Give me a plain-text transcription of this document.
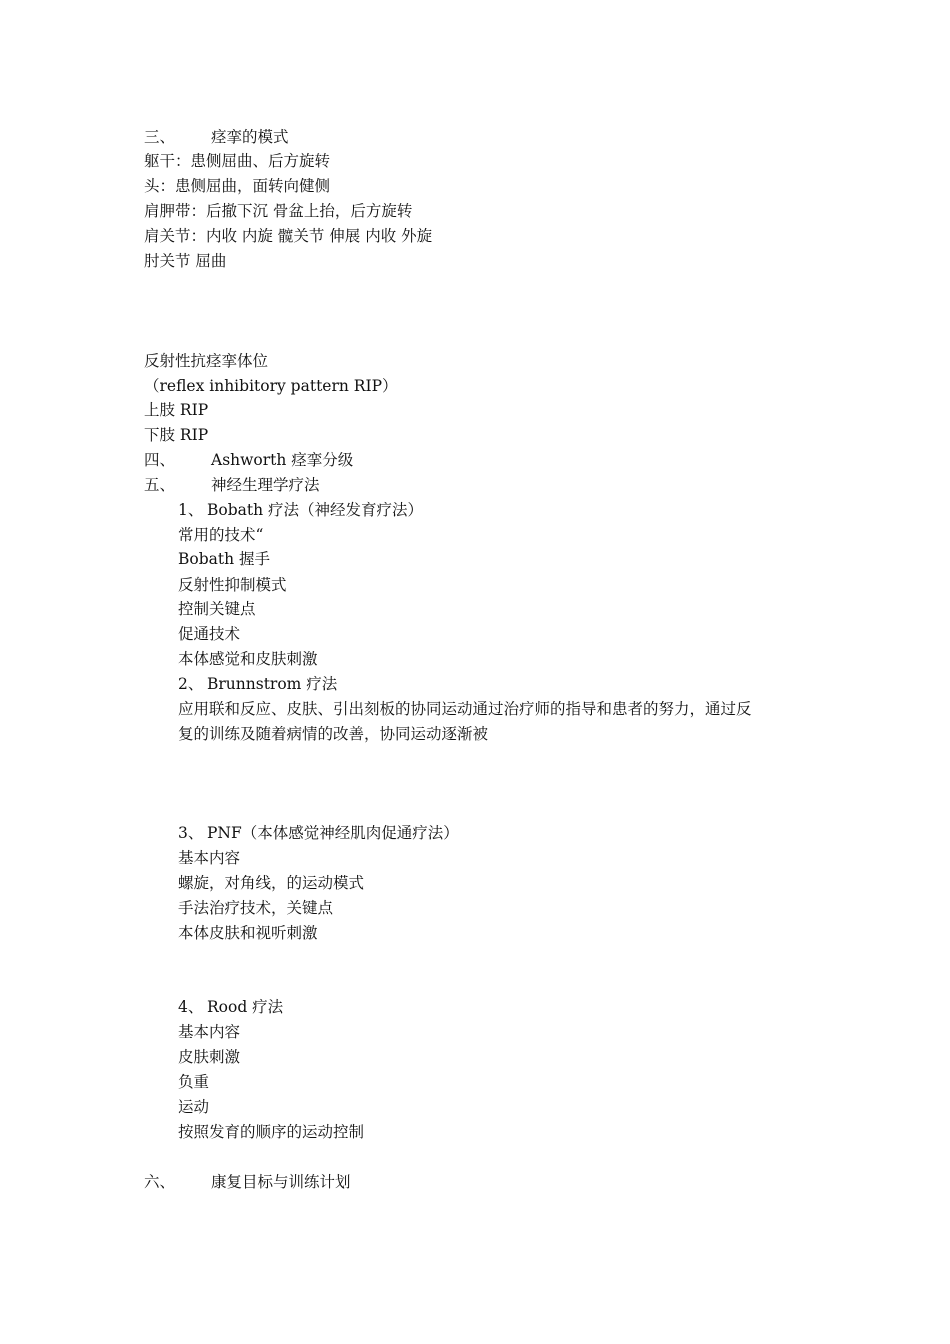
三、 痉挛的模式
躯干：患侧屈曲、后方旋转
头：患侧屈曲，面转向健侧
肩胛带：后撤下沉 骨盆上抬，后方旋转
肩关节：内收 内旋 髋关节 伸展 内收 外旋
肘关节 屈曲
反射性抗痉挛体位
（reflex inhibitory pattern RIP）
上肢 RIP
下肢 RIP
四、 Ashworth 痉挛分级
五、 神经生理学疗法
1、 Bobath 疗法（神经发育疗法）
常用的技术“
Bobath 握手
反射性抑制模式
控制关键点
促通技术
本体感觉和皮肤刺激
2、 Brunnstrom 疗法
应用联和反应、皮肤、引出刻板的协同运动通过治疗师的指导和患者的努力，通过反
复的训练及随着病情的改善，协同运动逐渐被
3、 PNF（本体感觉神经肌肉促通疗法）
基本内容
螺旋，对角线，的运动模式
手法治疗技术，关键点
本体皮肤和视听刺激
4、 Rood 疗法
基本内容
皮肤刺激
负重
运动
按照发育的顺序的运动控制
六、 康复目标与训练计划
